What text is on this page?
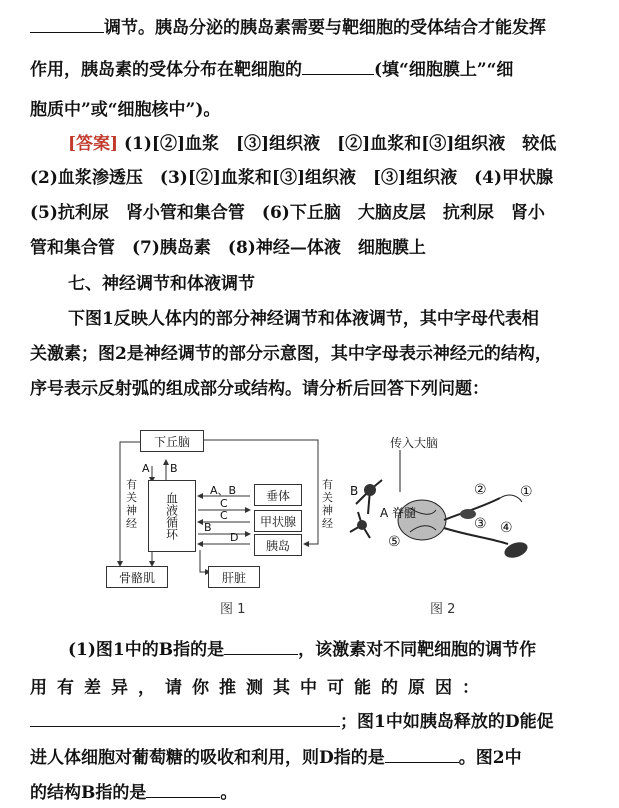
调节。胰岛分泌的胰岛素需要与靶细胞的受体结合才能发挥
作用，胰岛素的受体分布在靶细胞的	(填“细胞膜上”“细
胞质中”或“细胞核中”)。
[答案] (1)[②]血浆　[③]组织液　[②]血浆和[③]组织液　较低
(2)血浆渗透压　(3)[②]血浆和[③]组织液　[③]组织液　(4)甲状腺
(5)抗利尿　肾小管和集合管　(6)下丘脑　大脑皮层　抗利尿　肾小
管和集合管　(7)胰岛素　(8)神经—体液　细胞膜上
七、神经调节和体液调节
下图1反映人体内的部分神经调节和体液调节，其中字母代表相
关激素；图2是神经调节的部分示意图，其中字母表示神经元的结构，
序号表示反射弧的组成部分或结构。请分析后回答下列问题：
下丘脑
血液循环	垂体
甲状腺
胰岛
骨骼肌	肝脏
有关神经
有关神经
A B
A、B
C
C
B
D
图 1
传入大脑
A 脊髓
B	①
②
③ ④
⑤
图 2
(1)图1中的B指的是	，该激素对不同靶细胞的调节作
用有差异，请你推测其中可能的原因：
；图1中如胰岛释放的D能促
进人体细胞对葡萄糖的吸收和利用，则D指的是	。图2中
的结构B指的是	。
